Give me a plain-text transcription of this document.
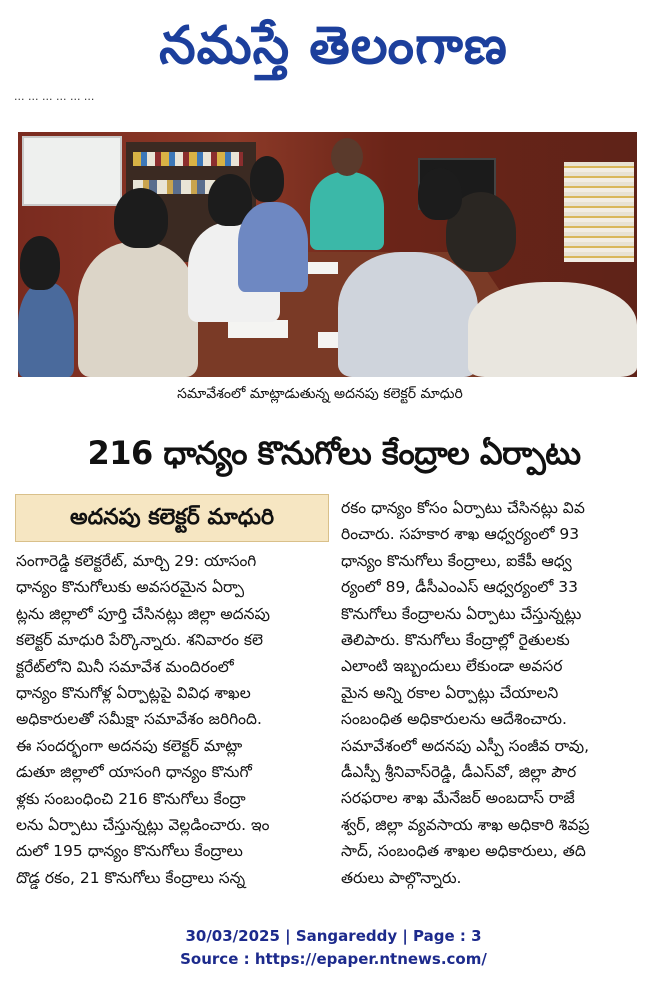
నమస్తే తెలంగాణ
... ... ... ... ... ...
సమావేశంలో మాట్లాడుతున్న అదనపు కలెక్టర్ మాధురి
216 ధాన్యం కొనుగోలు కేంద్రాల ఏర్పాటు
అదనపు కలెక్టర్ మాధురి
సంగారెడ్డి కలెక్టరేట్, మార్చి 29: యాసంగి
ధాన్యం కొనుగోలుకు అవసరమైన ఏర్పా
ట్లను జిల్లాలో పూర్తి చేసినట్లు జిల్లా అదనపు
కలెక్టర్ మాధురి పేర్కొన్నారు. శనివారం కలె
క్టరేట్‌లోని మినీ సమావేశ మందిరంలో
ధాన్యం కొనుగోళ్ల ఏర్పాట్లపై వివిధ శాఖల
అధికారులతో సమీక్షా సమావేశం జరిగింది.
ఈ సందర్భంగా అదనపు కలెక్టర్ మాట్లా
డుతూ జిల్లాలో యాసంగి ధాన్యం కొనుగో
ళ్లకు సంబంధించి 216 కొనుగోలు కేంద్రా
లను ఏర్పాటు చేస్తున్నట్లు వెల్లడించారు. ఇం
దులో 195 ధాన్యం కొనుగోలు కేంద్రాలు
దొడ్డ రకం, 21 కొనుగోలు కేంద్రాలు సన్న
రకం ధాన్యం కోసం ఏర్పాటు చేసినట్లు వివ
రించారు. సహకార శాఖ ఆధ్వర్యంలో 93
ధాన్యం కొనుగోలు కేంద్రాలు, ఐకేపీ ఆధ్వ
ర్యంలో 89, డీసీఎంఎస్ ఆధ్వర్యంలో 33
కొనుగోలు కేంద్రాలను ఏర్పాటు చేస్తున్నట్లు
తెలిపారు. కొనుగోలు కేంద్రాల్లో రైతులకు
ఎలాంటి ఇబ్బందులు లేకుండా అవసర
మైన అన్ని రకాల ఏర్పాట్లు చేయాలని
సంబంధిత అధికారులను ఆదేశించారు.
సమావేశంలో అదనపు ఎస్పీ సంజీవ రావు,
డీఎస్పీ శ్రీనివాస్‌రెడ్డి, డీఎస్‌వో, జిల్లా పౌర
సరఫరాల శాఖ మేనేజర్ అంబదాస్ రాజే
శ్వర్, జిల్లా వ్యవసాయ శాఖ అధికారి శివప్ర
సాద్, సంబంధిత శాఖల అధికారులు, తది
తరులు పాల్గొన్నారు.
30/03/2025 | Sangareddy | Page : 3
Source : https://epaper.ntnews.com/
